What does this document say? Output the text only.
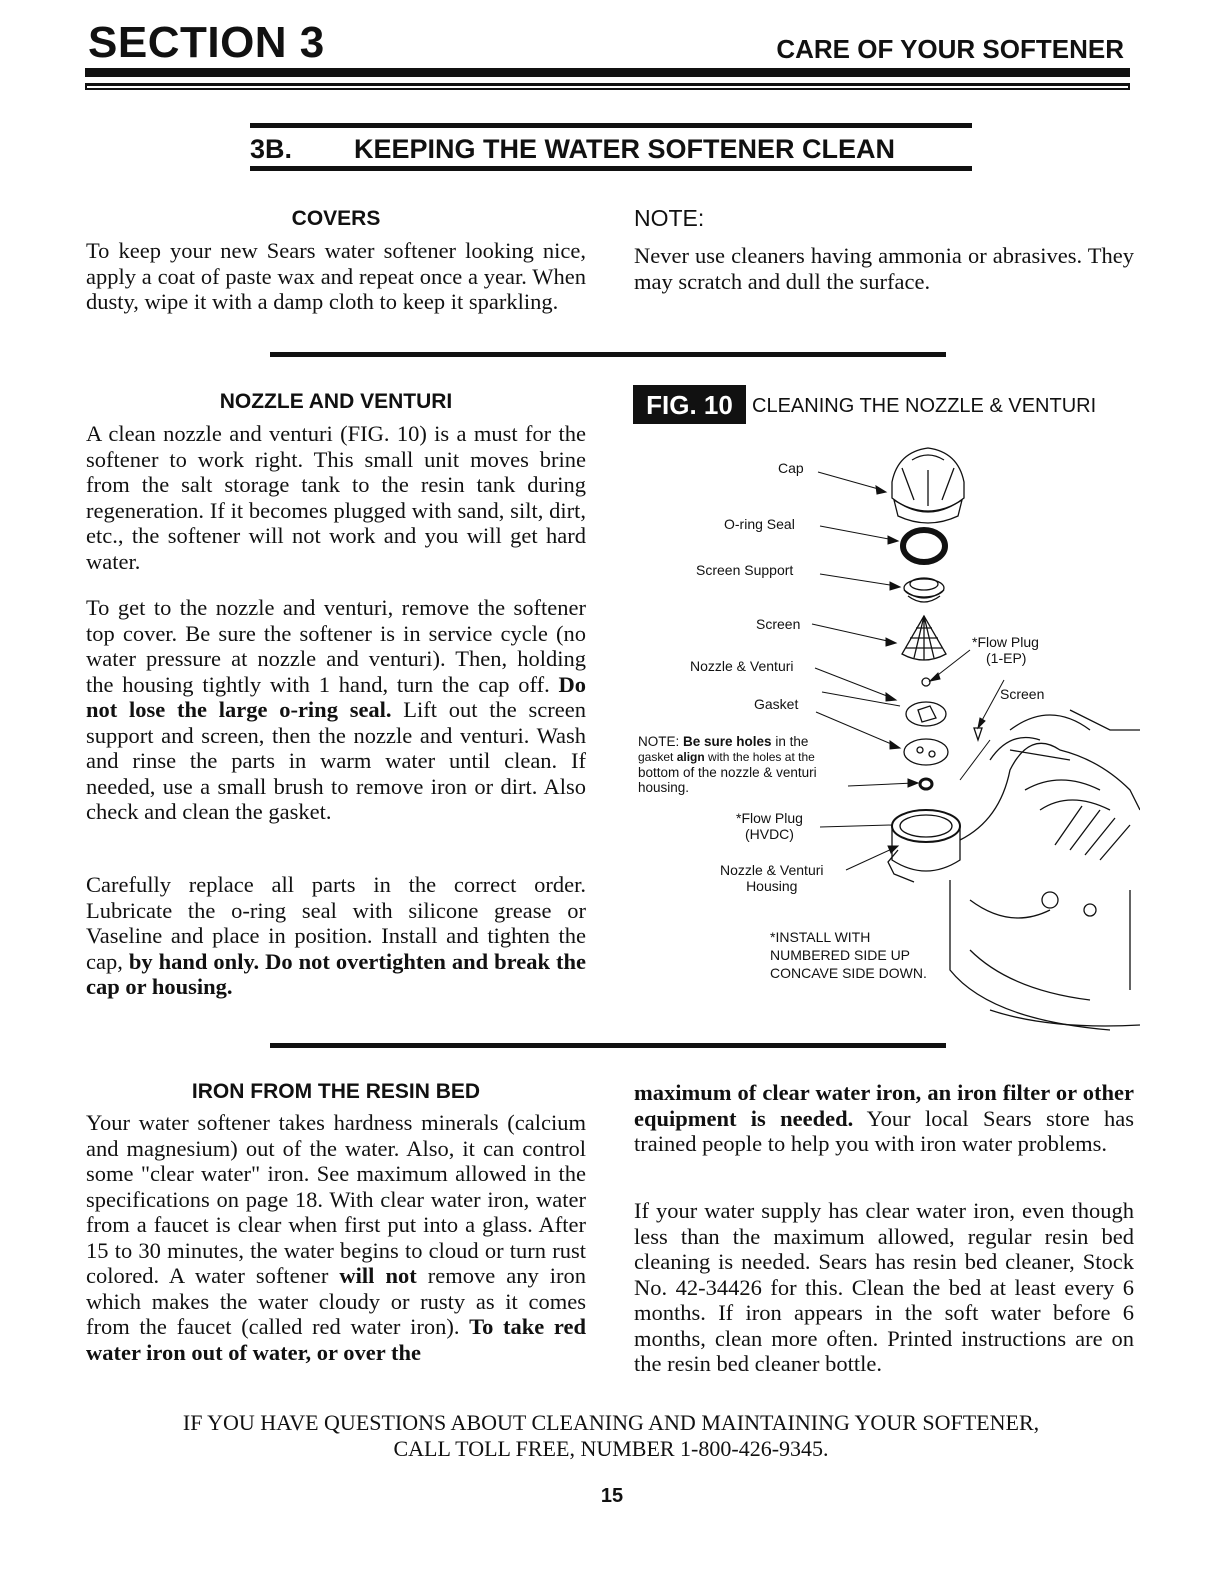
SECTION 3	CARE OF YOUR SOFTENER
3B. KEEPING THE WATER SOFTENER CLEAN
COVERS

To keep your new Sears water softener looking nice, apply a coat of paste wax and repeat once a year. When dusty, wipe it with a damp cloth to keep it sparkling.

NOTE:

Never use cleaners having ammonia or abrasives. They may scratch and dull the surface.

NOZZLE AND VENTURI

A clean nozzle and venturi (FIG. 10) is a must for the softener to work right. This small unit moves brine from the salt storage tank to the resin tank during regeneration. If it becomes plugged with sand, silt, dirt, etc., the softener will not work and you will get hard water.

To get to the nozzle and venturi, remove the softener top cover. Be sure the softener is in service cycle (no water pressure at nozzle and venturi). Then, holding the housing tightly with 1 hand, turn the cap off. Do not lose the large o-ring seal. Lift out the screen support and screen, then the nozzle and venturi. Wash and rinse the parts in warm water until clean. If needed, use a small brush to remove iron or dirt. Also check and clean the gasket.

Carefully replace all parts in the correct order. Lubricate the o-ring seal with silicone grease or Vaseline and place in position. Install and tighten the cap, by hand only. Do not overtighten and break the cap or housing.

FIG. 10 CLEANING THE NOZZLE & VENTURI
Cap
O-ring Seal
Screen Support
Screen
Nozzle & Venturi
Gasket
*Flow Plug
(1-EP)
Screen
NOTE: Be sure holes in the
gasket align with the holes at the
bottom of the nozzle & venturi
housing.
*Flow Plug
(HVDC)
Nozzle & Venturi
Housing
*INSTALL WITH
NUMBERED SIDE UP
CONCAVE SIDE DOWN.
IRON FROM THE RESIN BED

Your water softener takes hardness minerals (calcium and magnesium) out of the water. Also, it can control some "clear water" iron. See maximum allowed in the specifications on page 18. With clear water iron, water from a faucet is clear when first put into a glass. After 15 to 30 minutes, the water begins to cloud or turn rust colored. A water softener will not remove any iron which makes the water cloudy or rusty as it comes from the faucet (called red water iron). To take red water iron out of water, or over the

maximum of clear water iron, an iron filter or other equipment is needed. Your local Sears store has trained people to help you with iron water problems.

If your water supply has clear water iron, even though less than the maximum allowed, regular resin bed cleaning is needed. Sears has resin bed cleaner, Stock No. 42-34426 for this. Clean the bed at least every 6 months. If iron appears in the soft water before 6 months, clean more often. Printed instructions are on the resin bed cleaner bottle.

IF YOU HAVE QUESTIONS ABOUT CLEANING AND MAINTAINING YOUR SOFTENER,
CALL TOLL FREE, NUMBER 1-800-426-9345.
15
